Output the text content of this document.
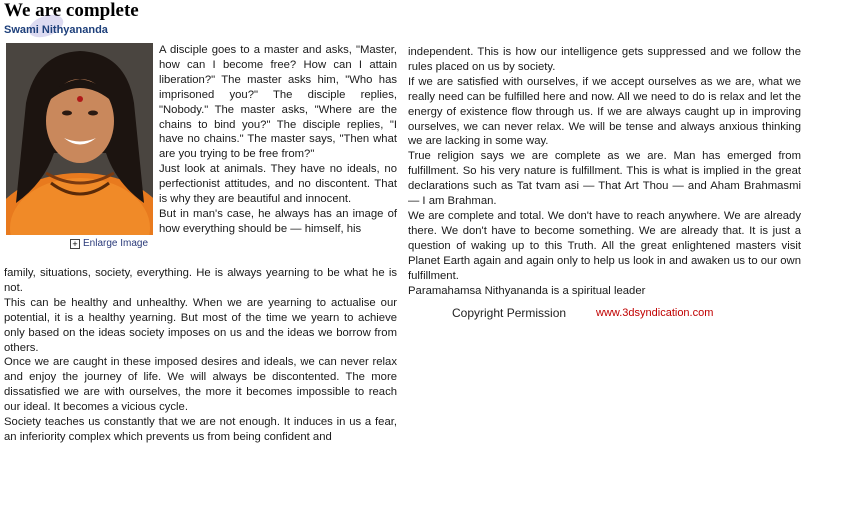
We are complete
Swami Nithyananda
+ Enlarge Image

A disciple goes to a master and asks, "Master, how can I become free? How can I attain liberation?" The master asks him, "Who has imprisoned you?" The disciple replies, "Nobody." The master asks, "Where are the chains to bind you?" The disciple replies, "I have no chains." The master says, "Then what are you trying to be free from?"

Just look at animals. They have no ideals, no perfectionist attitudes, and no discontent. That is why they are beautiful and innocent.

But in man's case, he always has an image of how everything should be — himself, his

family, situations, society, everything. He is always yearning to be what he is not.

This can be healthy and unhealthy. When we are yearning to actualise our potential, it is a healthy yearning. But most of the time we yearn to achieve only based on the ideas society imposes on us and the ideas we borrow from others.

Once we are caught in these imposed desires and ideals, we can never relax and enjoy the journey of life. We will always be discontented. The more dissatisfied we are with ourselves, the more it becomes impossible to reach our ideal. It becomes a vicious cycle.

Society teaches us constantly that we are not enough. It induces in us a fear, an inferiority complex which prevents us from being confident and

independent. This is how our intelligence gets suppressed and we follow the rules placed on us by society.

If we are satisfied with ourselves, if we accept ourselves as we are, what we really need can be fulfilled here and now. All we need to do is relax and let the energy of existence flow through us. If we are always caught up in improving ourselves, we can never relax. We will be tense and always anxious thinking we are lacking in some way.

True religion says we are complete as we are. Man has emerged from fulfillment. So his very nature is fulfillment. This is what is implied in the great declarations such as Tat tvam asi — That Art Thou — and Aham Brahmasmi — I am Brahman.

We are complete and total. We don't have to reach anywhere. We are already there. We don't have to become something. We are already that. It is just a question of waking up to this Truth. All the great enlightened masters visit Planet Earth again and again only to help us look in and awaken us to our own fulfillment.

Paramahamsa Nithyananda is a spiritual leader

Copyright Permission	www.3dsyndication.com
